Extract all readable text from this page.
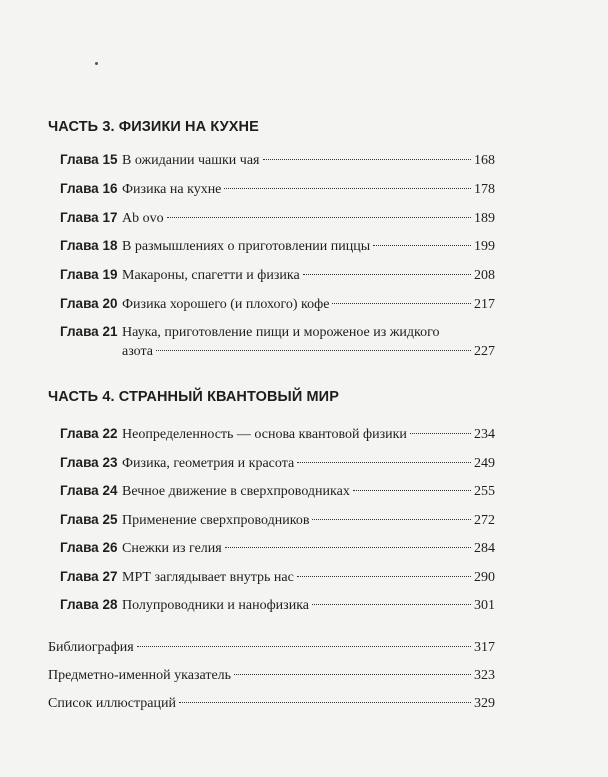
ЧАСТЬ 3. ФИЗИКИ НА КУХНЕ
Глава 15 В ожидании чашки чая	168
Глава 16 Физика на кухне	178
Глава 17 Ab ovo	189
Глава 18 В размышлениях о приготовлении пиццы	199
Глава 19 Макароны, спагетти и физика	208
Глава 20 Физика хорошего (и плохого) кофе	217
Глава 21 Наука, приготовление пищи и мороженое из жидкого
азота	227
ЧАСТЬ 4. СТРАННЫЙ КВАНТОВЫЙ МИР
Глава 22 Неопределенность — основа квантовой физики	234
Глава 23 Физика, геометрия и красота	249
Глава 24 Вечное движение в сверхпроводниках	255
Глава 25 Применение сверхпроводников	272
Глава 26 Снежки из гелия	284
Глава 27 МРТ заглядывает внутрь нас	290
Глава 28 Полупроводники и нанофизика	301
Библиография	317
Предметно-именной указатель	323
Список иллюстраций	329
